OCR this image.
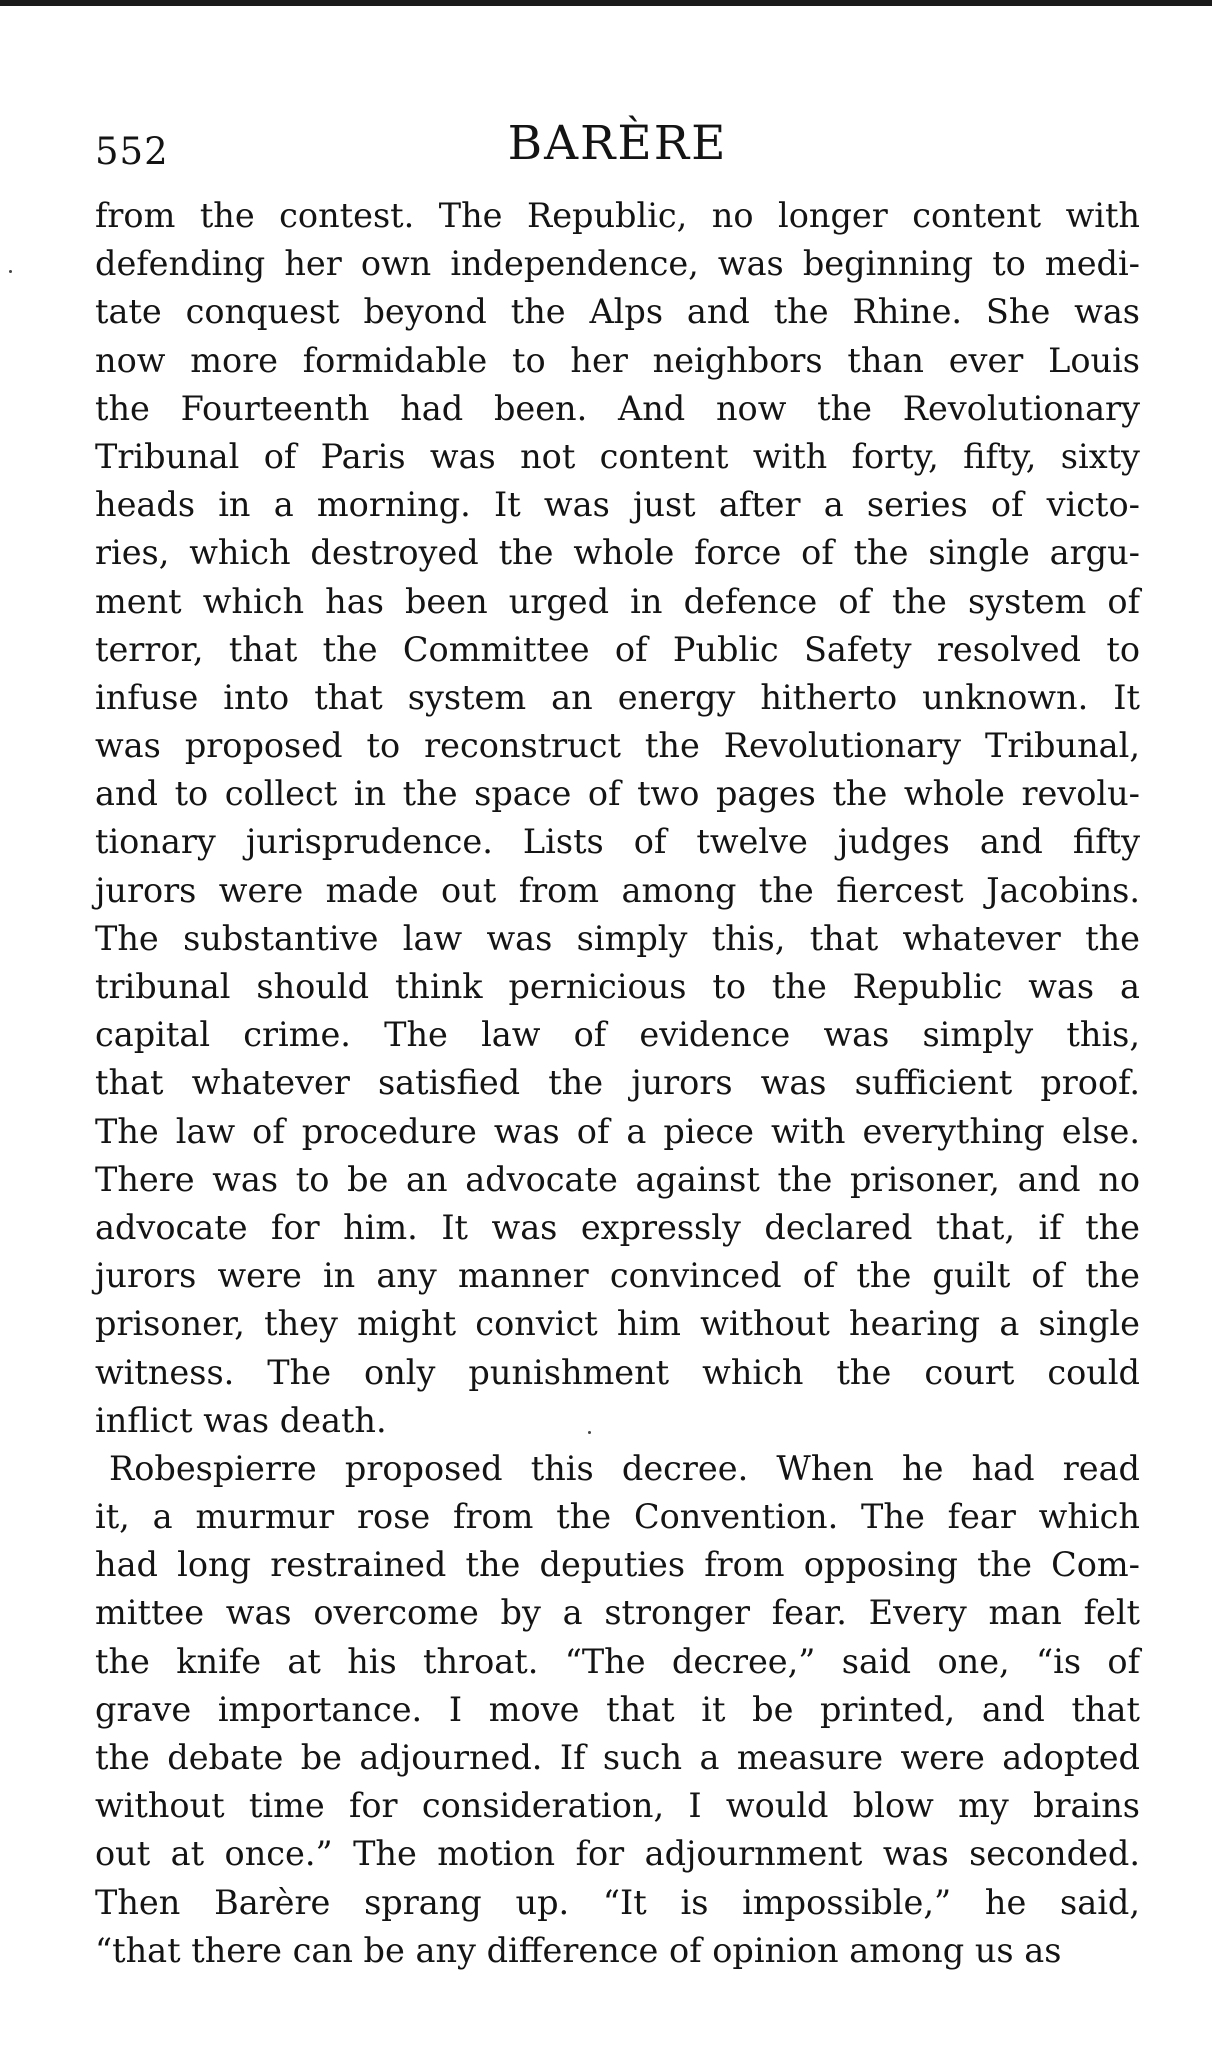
552	BARÈRE
from the contest. The Republic, no longer content with
defending her own independence, was beginning to medi-
tate conquest beyond the Alps and the Rhine. She was
now more formidable to her neighbors than ever Louis
the Fourteenth had been. And now the Revolutionary
Tribunal of Paris was not content with forty, fifty, sixty
heads in a morning. It was just after a series of victo-
ries, which destroyed the whole force of the single argu-
ment which has been urged in defence of the system of
terror, that the Committee of Public Safety resolved to
infuse into that system an energy hitherto unknown. It
was proposed to reconstruct the Revolutionary Tribunal,
and to collect in the space of two pages the whole revolu-
tionary jurisprudence. Lists of twelve judges and fifty
jurors were made out from among the fiercest Jacobins.
The substantive law was simply this, that whatever the
tribunal should think pernicious to the Republic was a
capital crime. The law of evidence was simply this,
that whatever satisfied the jurors was sufficient proof.
The law of procedure was of a piece with everything else.
There was to be an advocate against the prisoner, and no
advocate for him. It was expressly declared that, if the
jurors were in any manner convinced of the guilt of the
prisoner, they might convict him without hearing a single
witness. The only punishment which the court could
inflict was death.
Robespierre proposed this decree. When he had read
it, a murmur rose from the Convention. The fear which
had long restrained the deputies from opposing the Com-
mittee was overcome by a stronger fear. Every man felt
the knife at his throat. “The decree,” said one, “is of
grave importance. I move that it be printed, and that
the debate be adjourned. If such a measure were adopted
without time for consideration, I would blow my brains
out at once.” The motion for adjournment was seconded.
Then Barère sprang up. “It is impossible,” he said,
“that there can be any difference of opinion among us as
